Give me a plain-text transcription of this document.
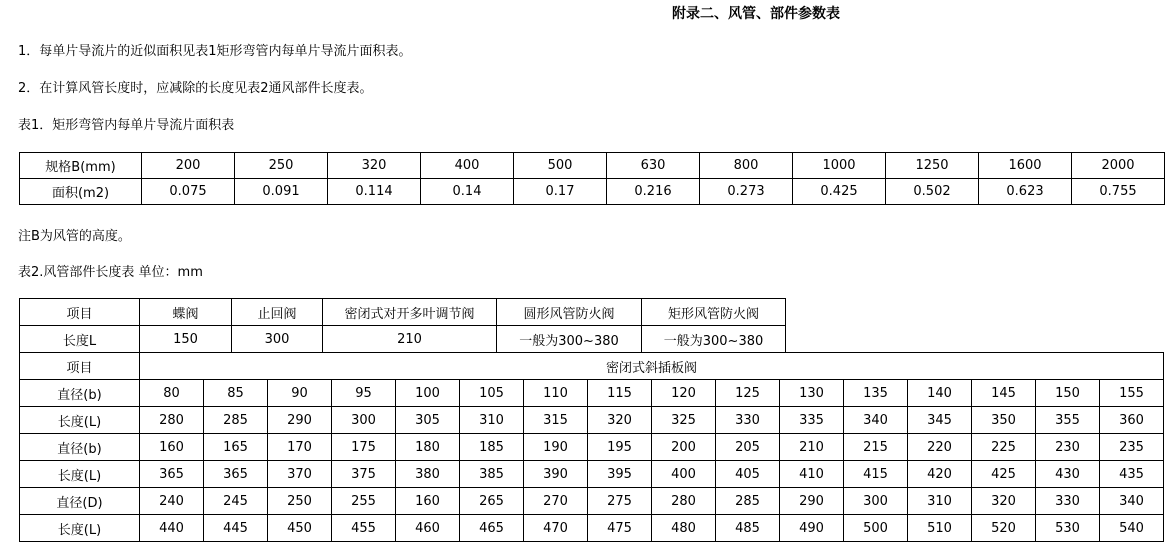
附录二、风管、部件参数表
1．每单片导流片的近似面积见表1矩形弯管内每单片导流片面积表。
2．在计算风管长度时，应减除的长度见表2通风部件长度表。
表1．矩形弯管内每单片导流片面积表
规格B(mm)	200	250	320	400	500	630	800	1000	1250	1600	2000
面积(m2)	0.075	0.091	0.114	0.14	0.17	0.216	0.273	0.425	0.502	0.623	0.755
注B为风管的高度。
表2.风管部件长度表 单位：mm
项目	蝶阀	止回阀	密闭式对开多叶调节阀	圆形风管防火阀	矩形风管防火阀
长度L	150	300	210	一般为300~380	一般为300~380
项目	密闭式斜插板阀															
直径(b)	80	85	90	95	100	105	110	115	120	125	130	135	140	145	150	155
长度(L)	280	285	290	300	305	310	315	320	325	330	335	340	345	350	355	360
直径(b)	160	165	170	175	180	185	190	195	200	205	210	215	220	225	230	235
长度(L)	365	365	370	375	380	385	390	395	400	405	410	415	420	425	430	435
直径(D)	240	245	250	255	160	265	270	275	280	285	290	300	310	320	330	340
长度(L)	440	445	450	455	460	465	470	475	480	485	490	500	510	520	530	540
